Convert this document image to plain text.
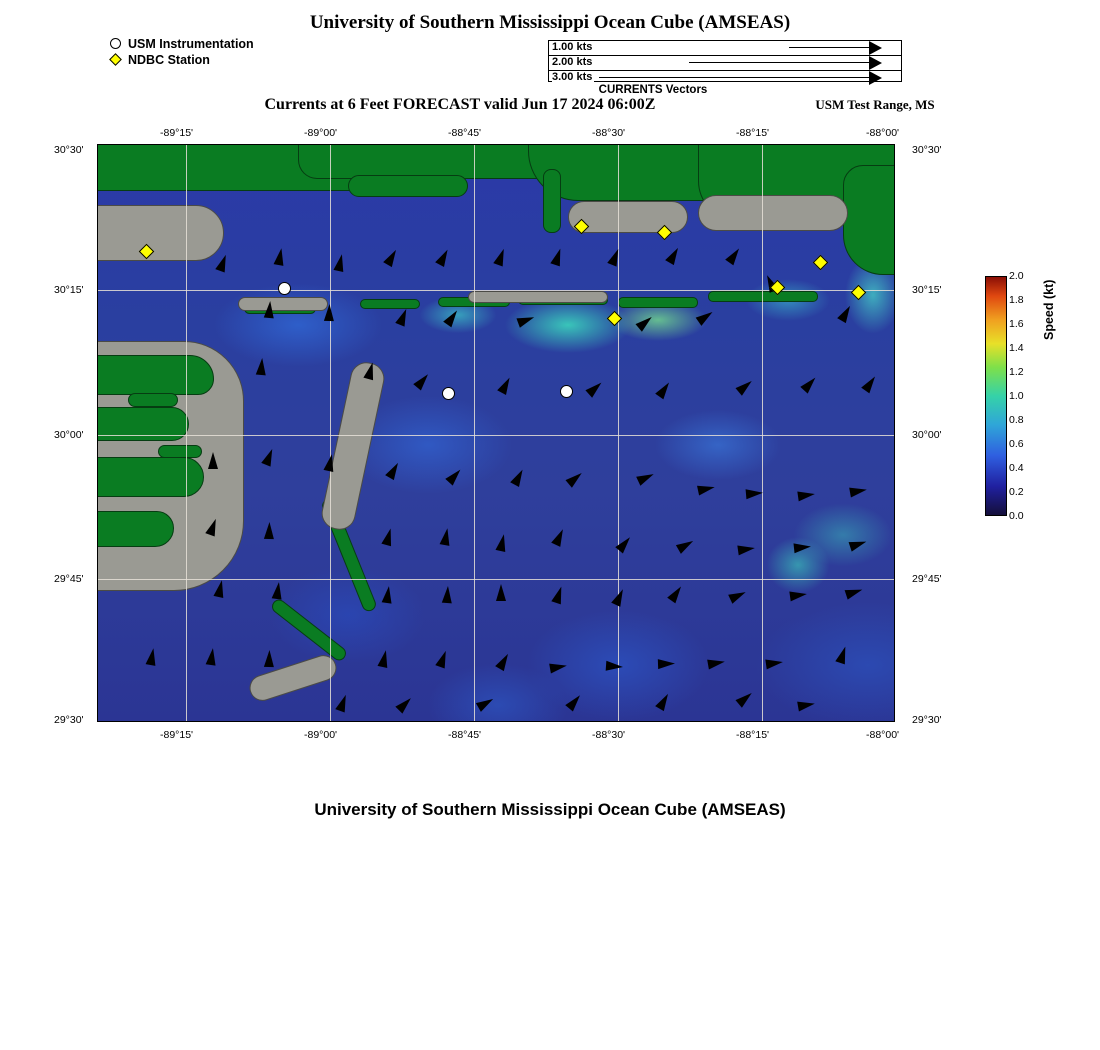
University of Southern Mississippi Ocean Cube (AMSEAS)
Currents at 6 Feet FORECAST valid Jun 17 2024 06:00Z	USM Test Range, MS
University of Southern Mississippi Ocean Cube (AMSEAS)
USM Instrumentation
NDBC Station
1.00 kts
2.00 kts
3.00 kts
CURRENTS Vectors
-89°15'	-89°00'	-88°45'	-88°30'	-88°15'	-88°00'
-89°15'	-89°00'	-88°45'	-88°30'	-88°15'	-88°00'
30°30'
30°15'
30°00'
29°45'
29°30'
30°30'
30°15'
30°00'
29°45'
29°30'
2.0
1.8
1.6
1.4
1.2
1.0
0.8
0.6
0.4
0.2
0.0
Speed (kt)
